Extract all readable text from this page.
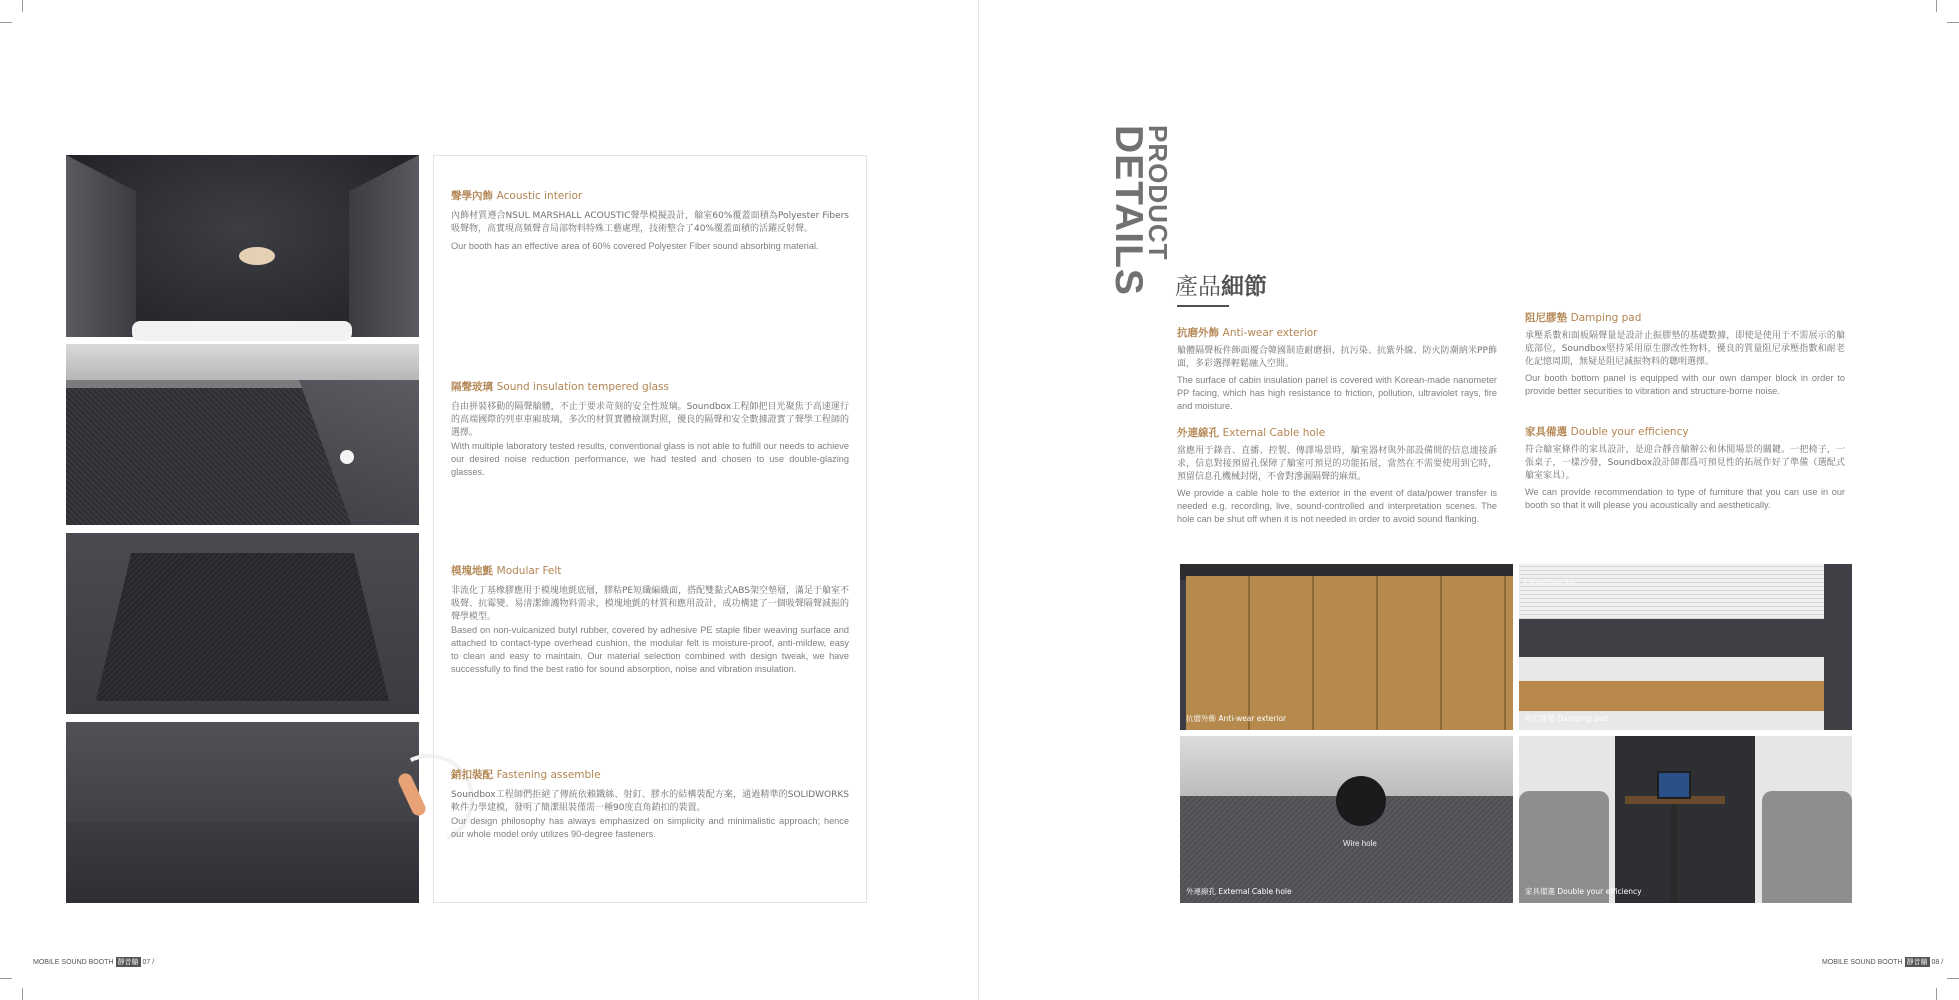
90°
聲學內飾 Acoustic interior

內飾材質遵合NSUL MARSHALL ACOUSTIC聲學模擬設計，艙室60%覆蓋面積為Polyester Fibers吸聲物，高實現高頻聲音局部物料特殊工藝處理，技術整合了40%覆蓋面積的活躍反射聲。

Our booth has an effective area of 60% covered Polyester Fiber sound absorbing material.

隔聲玻璃 Sound insulation tempered glass

自由拼裝移動的隔聲艙體，不止于要求苛刻的安全性玻璃。Soundbox工程師把目光聚焦于高速運行的高端國際的列車車廂玻璃，多次的材質實體檢測對照，優良的隔聲和安全數據證實了聲學工程師的選擇。

With multiple laboratory tested results, conventional glass is not able to fulfill our needs to achieve our desired noise reduction performance, we had tested and chosen to use double-glazing glasses.

模塊地氈 Modular Felt

非流化丁基橡膠應用于模塊地氈底層，膠粘PE短纖編織面，搭配雙黏式ABS架空墊層，滿足于艙室不吸聲、抗霉變、易清潔維護物料需求，模塊地氈的材質和應用設計，成功構建了一個吸聲隔聲減振的聲學模型。

Based on non-vulcanized butyl rubber, covered by adhesive PE staple fiber weaving surface and attached to contact-type overhead cushion, the modular felt is moisture-proof, anti-mildew, easy to clean and easy to maintain. Our material selection combined with design tweak, we have successfully to find the best ratio for sound absorption, noise and vibration insulation.

銷扣裝配 Fastening assemble

Soundbox工程師們拒絕了傳統依賴鐵絲、射釘、膠水的結構裝配方案，通過精準的SOLIDWORKS軟件力學建模，發明了簡潔組裝僅需一種90度直角銷扣的裝置。

Our design philosophy has always emphasized on simplicity and minimalistic approach; hence our whole model only utilizes 90-degree fasteners.

MOBILE SOUND BOOTH 靜音艙 07 /
PRODUCT
DETAILS 產品細節
抗磨外飾 Anti-wear exterior

艙體隔聲板件飾面覆合韓國制造耐磨損、抗污染、抗紫外線、防火防潮納米PP飾面，多彩選擇輕鬆融入空間。

The surface of cabin insulation panel is covered with Korean-made nanometer PP facing, which has high resistance to friction, pollution, ultraviolet rays, fire and moisture.

外連線孔 External Cable hole

當應用于錄音、直播、控製、傳譯場景時，艙室器材與外部設備間的信息連接訴求，信息對接預留孔保障了艙室可預見的功能拓展，當然在不需要使用到它時，預留信息孔機械封閉，不會對滲漏隔聲的麻煩。

We provide a cable hole to the exterior in the event of data/power transfer is needed e.g. recording, live, sound-controlled and interpretation scenes. The hole can be shut off when it is not needed in order to avoid sound flanking.

阻尼膠墊 Damping pad

承壓系數和面板隔聲量是設計止振膠墊的基礎數據，即使是使用于不需展示的艙底部位，Soundbox堅持采用原生膠改性物料，優良的質量阻尼承壓指數和耐老化記憶周期，無疑是阻尼減振物料的聰明選擇。

Our booth bottom panel is equipped with our own damper block in order to provide better securities to vibration and structure-borne noise.

家具備選 Double your efficiency

符合艙室條件的家具設計，是迎合靜音艙辦公和休閒場景的關鍵。一把椅子，一張桌子，一樣沙發，Soundbox設計師都爲可預見性的拓展作好了準備（選配式艙室家具）。

We can provide recommendation to type of furniture that you can use in our booth so that it will please you acoustically and aesthetically.

抗磨外飾 Anti-wear exterior
X Model Damo Bus
阻尼膠墊 Damping pad
Wire hole
外連線孔 External Cable hole	家具備選 Double your efficiency
MOBILE SOUND BOOTH 靜音艙 08 /
